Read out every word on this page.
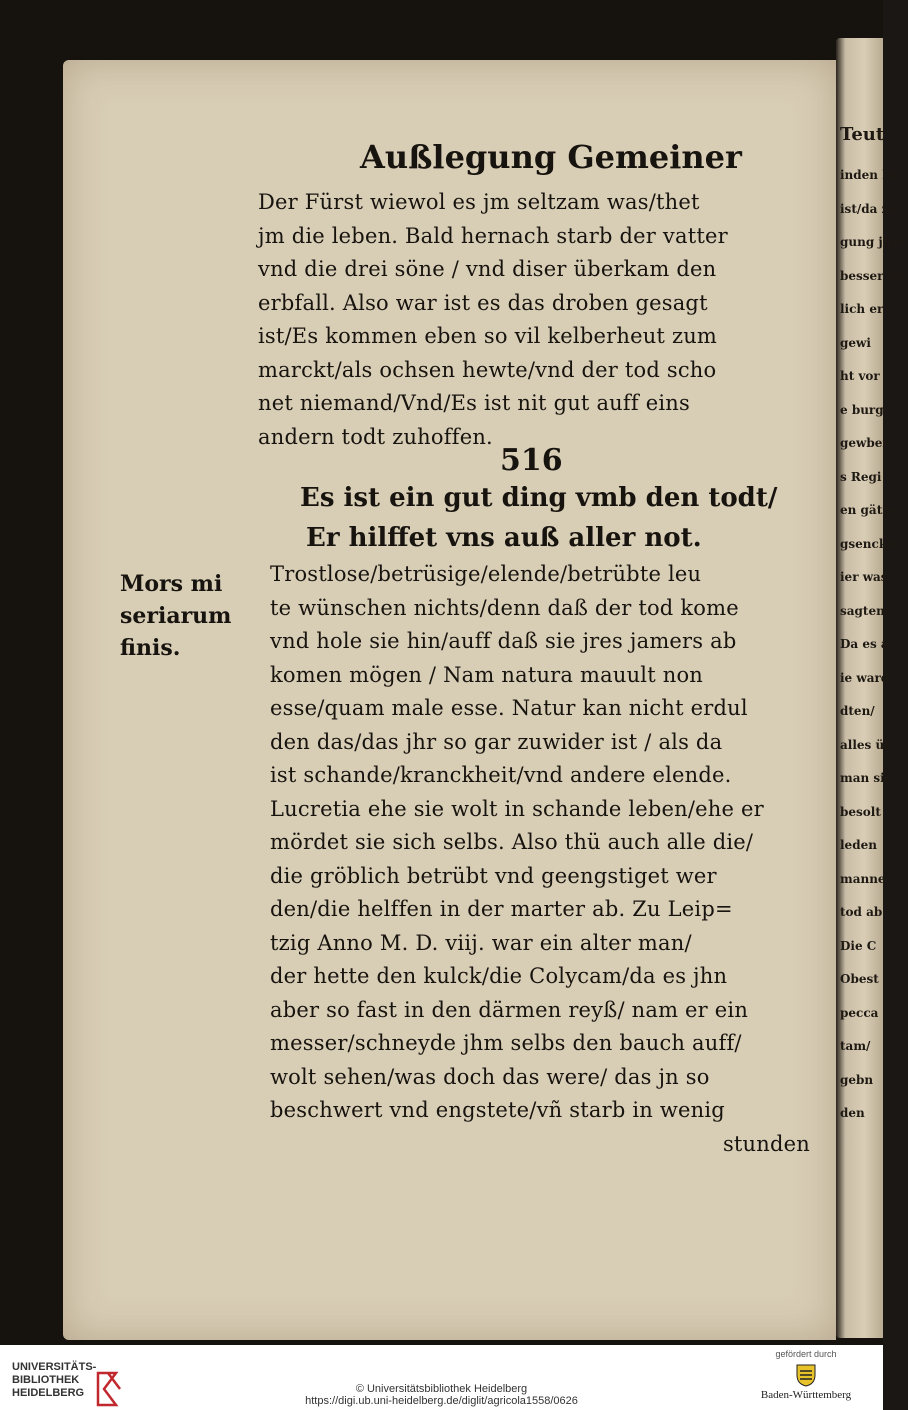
Teut
inden he
ist/da zu
gung jhre
besser die
lich er
gewi
ht vor
e burg
gewber
s Regi
en gätze
gsenckn
ier was
sagten/
Da es a
ie ward
dten/
alles üb
man sie
besolt
leden
manne
tod ab
Die C
Obest
pecca
tam/
gebn
den
Außlegung Gemeiner
Der Fürst wiewol es jm seltzam was/thet
jm die leben. Bald hernach starb der vatter
vnd die drei söne / vnd diser überkam den
erbfall. Also war ist es das droben gesagt
ist/Es kommen eben so vil kelberheut zum
marckt/als ochsen hewte/vnd der tod scho
net niemand/Vnd/Es ist nit gut auff eins
andern todt zuhoffen.
516
Es ist ein gut ding vmb den todt/
Er hilffet vns auß aller not.
Mors mi
seriarum
finis.
Trostlose/betrüsige/elende/betrübte leu
te wünschen nichts/denn daß der tod kome
vnd hole sie hin/auff daß sie jres jamers ab
komen mögen / Nam natura mauult non
esse/quam male esse. Natur kan nicht erdul
den das/das jhr so gar zuwider ist / als da
ist schande/kranckheit/vnd andere elende.
Lucretia ehe sie wolt in schande leben/ehe er
mördet sie sich selbs. Also thü auch alle die/
die gröblich betrübt vnd geengstiget wer
den/die helffen in der marter ab. Zu Leip=
tzig Anno M. D. viij. war ein alter man/
der hette den kulck/die Colycam/da es jhn
aber so fast in den därmen reyß/ nam er ein
messer/schneyde jhm selbs den bauch auff/
wolt sehen/was doch das were/ das jn so
beschwert vnd engstete/vñ starb in wenig
stunden
UNIVERSITÄTS-
BIBLIOTHEK
HEIDELBERG	© Universitätsbibliothek Heidelberg
https://digi.ub.uni-heidelberg.de/diglit/agricola1558/0626
gefördert durch
Baden-Württemberg
